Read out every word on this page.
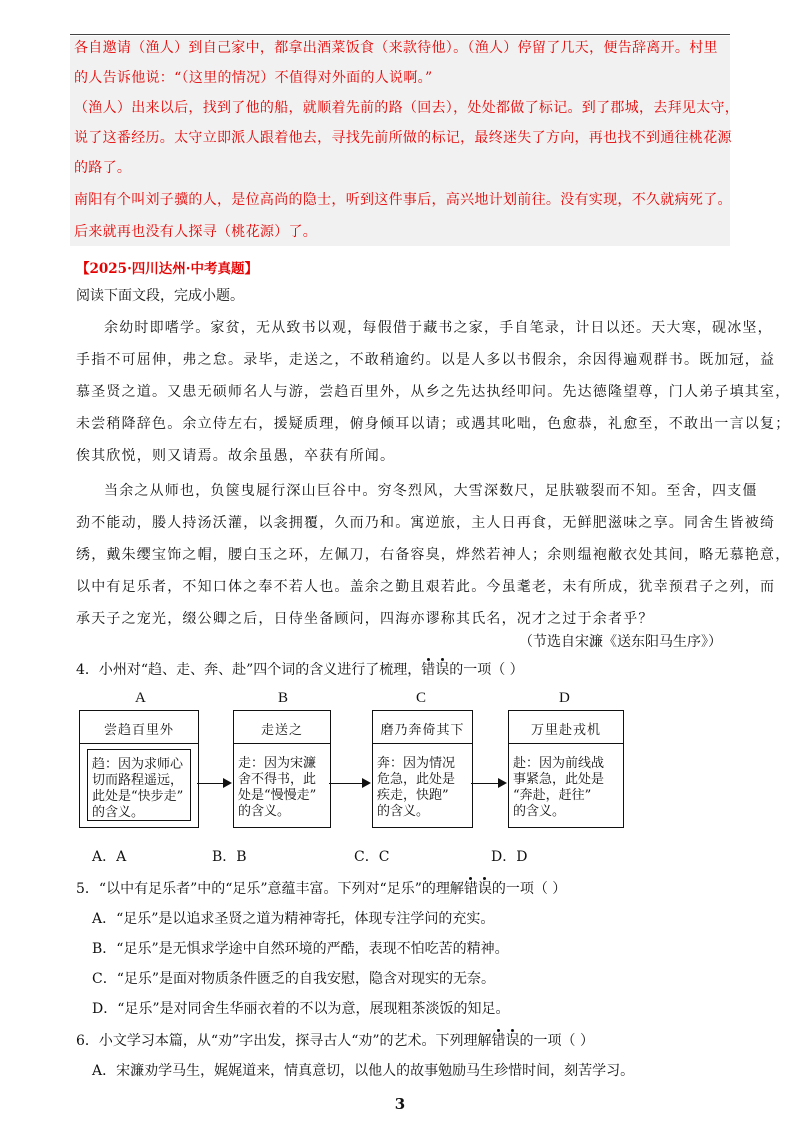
各自邀请（渔人）到自己家中，都拿出酒菜饭食（来款待他）。（渔人）停留了几天，便告辞离开。村里
的人告诉他说：“（这里的情况）不值得对外面的人说啊。”
（渔人）出来以后，找到了他的船，就顺着先前的路（回去），处处都做了标记。到了郡城，去拜见太守，
说了这番经历。太守立即派人跟着他去，寻找先前所做的标记，最终迷失了方向，再也找不到通往桃花源
的路了。
南阳有个叫刘子骥的人，是位高尚的隐士，听到这件事后，高兴地计划前往。没有实现，不久就病死了。
后来就再也没有人探寻（桃花源）了。
【2025·四川达州·中考真题】
阅读下面文段，完成小题。
余幼时即嗜学。家贫，无从致书以观，每假借于藏书之家，手自笔录，计日以还。天大寒，砚冰坚，
手指不可屈伸，弗之怠。录毕，走送之，不敢稍逾约。以是人多以书假余，余因得遍观群书。既加冠，益
慕圣贤之道。又患无硕师名人与游，尝趋百里外，从乡之先达执经叩问。先达德隆望尊，门人弟子填其室，
未尝稍降辞色。余立侍左右，援疑质理，俯身倾耳以请；或遇其叱咄，色愈恭，礼愈至，不敢出一言以复；
俟其欣悦，则又请焉。故余虽愚，卒获有所闻。
当余之从师也，负箧曳屣行深山巨谷中。穷冬烈风，大雪深数尺，足肤皲裂而不知。至舍，四支僵
劲不能动，媵人持汤沃灌，以衾拥覆，久而乃和。寓逆旅，主人日再食，无鲜肥滋味之享。同舍生皆被绮
绣，戴朱缨宝饰之帽，腰白玉之环，左佩刀，右备容臭，烨然若神人；余则缊袍敝衣处其间，略无慕艳意，
以中有足乐者，不知口体之奉不若人也。盖余之勤且艰若此。今虽耄老，未有所成，犹幸预君子之列，而
承天子之宠光，缀公卿之后，日侍坐备顾问，四海亦谬称其氏名，况才之过于余者乎？
（节选自宋濂《送东阳马生序》）
4．小州对“趋、走、奔、赴”四个词的含义进行了梳理，错误的一项（ ）
A	B	C	D
尝趋百里外
趋：因为求师心
切而路程遥远，
此处是“快步走”
的含义。
走送之
走：因为宋濂
舍不得书，此
处是“慢慢走”
的含义。
磨乃奔倚其下
奔：因为情况
危急，此处是
疾走，快跑”
的含义。
万里赴戎机
赴：因为前线战
事紧急，此处是
“奔赴，赶往”
的含义。
A．A	B．B	C．C	D．D
5．“以中有足乐者”中的“足乐”意蕴丰富。下列对“足乐”的理解错误的一项（ ）
A．“足乐”是以追求圣贤之道为精神寄托，体现专注学问的充实。
B．“足乐”是无惧求学途中自然环境的严酷，表现不怕吃苦的精神。
C．“足乐”是面对物质条件匮乏的自我安慰，隐含对现实的无奈。
D．“足乐”是对同舍生华丽衣着的不以为意，展现粗茶淡饭的知足。
6．小文学习本篇，从“劝”字出发，探寻古人“劝”的艺术。下列理解错误的一项（ ）
A．宋濂劝学马生，娓娓道来，情真意切，以他人的故事勉励马生珍惜时间，刻苦学习。
3
